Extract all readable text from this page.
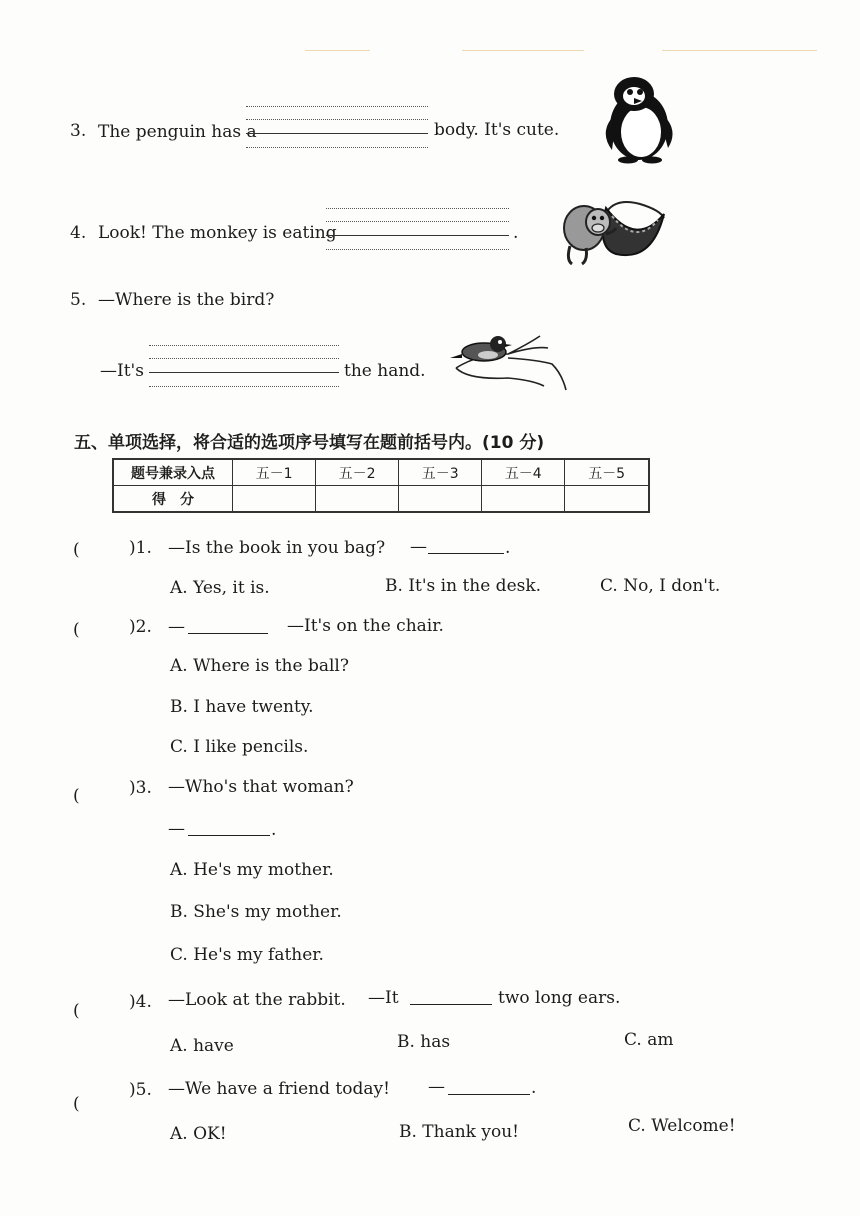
3. The penguin has a	body. It's cute.
4. Look! The monkey is eating	.
5. —Where is the bird?
—It's	the hand.
五、单项选择，将合适的选项序号填写在题前括号内。(10 分)
题号兼录入点	五－1	五－2	五－3	五－4	五－5
得　分					
(	)1. —Is the book in you bag? —	.
A. Yes, it is.	B. It's in the desk.	C. No, I don't.
(	)2. —	—It's on the chair.
A. Where is the ball?
B. I have twenty.
C. I like pencils.
(	)3. —Who's that woman?
—	.
A. He's my mother.
B. She's my mother.
C. He's my father.
(	)4. —Look at the rabbit. —It	two long ears.
A. have	B. has	C. am
(
)5. —We have a friend today! —	.
A. OK!	B. Thank you!	C. Welcome!
